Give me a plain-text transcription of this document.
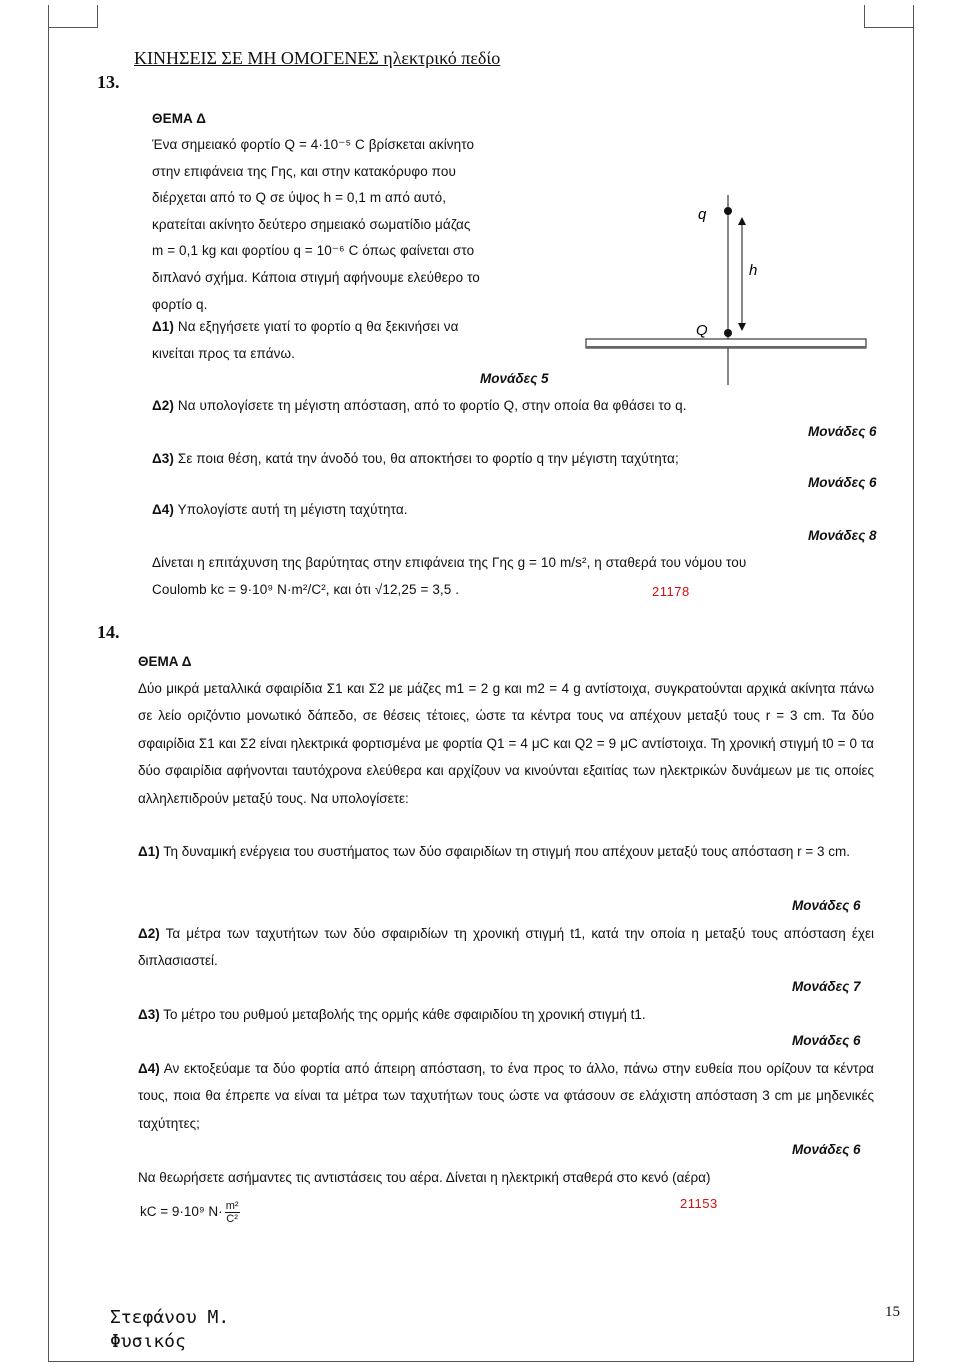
13.
ΚΙΝΗΣΕΙΣ ΣΕ ΜΗ ΟΜΟΓΕΝΕΣ ηλεκτρικό πεδίο
ΘΕΜΑ Δ
Ένα σημειακό φορτίο Q = 4·10⁻⁵ C βρίσκεται ακίνητο
στην επιφάνεια της Γης, και στην κατακόρυφο που
διέρχεται από το Q σε ύψος h = 0,1 m από αυτό,
κρατείται ακίνητο δεύτερο σημειακό σωματίδιο μάζας
m = 0,1 kg και φορτίου q = 10⁻⁶ C όπως φαίνεται στο
διπλανό σχήμα. Κάποια στιγμή αφήνουμε ελεύθερο το
φορτίο q.
Δ1) Να εξηγήσετε γιατί το φορτίο q θα ξεκινήσει να
κινείται προς τα επάνω.
Μονάδες 5
Δ2) Να υπολογίσετε τη μέγιστη απόσταση, από το φορτίο Q, στην οποία θα φθάσει το q.
Μονάδες 6
Δ3) Σε ποια θέση, κατά την άνοδό του, θα αποκτήσει το φορτίο q την μέγιστη ταχύτητα;
Μονάδες 6
Δ4) Υπολογίστε αυτή τη μέγιστη ταχύτητα.
Μονάδες 8
Δίνεται η επιτάχυνση της βαρύτητας στην επιφάνεια της Γης g = 10 m/s², η σταθερά του νόμου του
Coulomb kc = 9·10⁹ N·m²/C², και ότι √12,25 = 3,5 .	21178
q
Q
h
14.
ΘΕΜΑ Δ
Δύο μικρά μεταλλικά σφαιρίδια Σ1 και Σ2 με μάζες m1 = 2 g και m2 = 4 g αντίστοιχα, συγκρατούνται αρχικά ακίνητα πάνω σε λείο οριζόντιο μονωτικό δάπεδο, σε θέσεις τέτοιες, ώστε τα κέντρα τους να απέχουν μεταξύ τους r = 3 cm. Τα δύο σφαιρίδια Σ1 και Σ2 είναι ηλεκτρικά φορτισμένα με φορτία Q1 = 4 μC και Q2 = 9 μC αντίστοιχα. Τη χρονική στιγμή t0 = 0 τα δύο σφαιρίδια αφήνονται ταυτόχρονα ελεύθερα και αρχίζουν να κινούνται εξαιτίας των ηλεκτρικών δυνάμεων με τις οποίες αλληλεπιδρούν μεταξύ τους. Να υπολογίσετε:
Δ1) Τη δυναμική ενέργεια του συστήματος των δύο σφαιριδίων τη στιγμή που απέχουν μεταξύ τους απόσταση r = 3 cm.
Μονάδες 6
Δ2) Τα μέτρα των ταχυτήτων των δύο σφαιριδίων τη χρονική στιγμή t1, κατά την οποία η μεταξύ τους απόσταση έχει διπλασιαστεί.
Μονάδες 7
Δ3) Το μέτρο του ρυθμού μεταβολής της ορμής κάθε σφαιριδίου τη χρονική στιγμή t1.
Μονάδες 6
Δ4) Αν εκτοξεύαμε τα δύο φορτία από άπειρη απόσταση, το ένα προς το άλλο, πάνω στην ευθεία που ορίζουν τα κέντρα τους, ποια θα έπρεπε να είναι τα μέτρα των ταχυτήτων τους ώστε να φτάσουν σε ελάχιστη απόσταση 3 cm με μηδενικές ταχύτητες;
Μονάδες 6
Να θεωρήσετε ασήμαντες τις αντιστάσεις του αέρα. Δίνεται η ηλεκτρική σταθερά στο κενό (αέρα)
kC = 9·10⁹ $N\cdot \frac{\text{m²}}{\text{C²}}$	21153
Στεφάνου Μ.
Φυσικός
15
